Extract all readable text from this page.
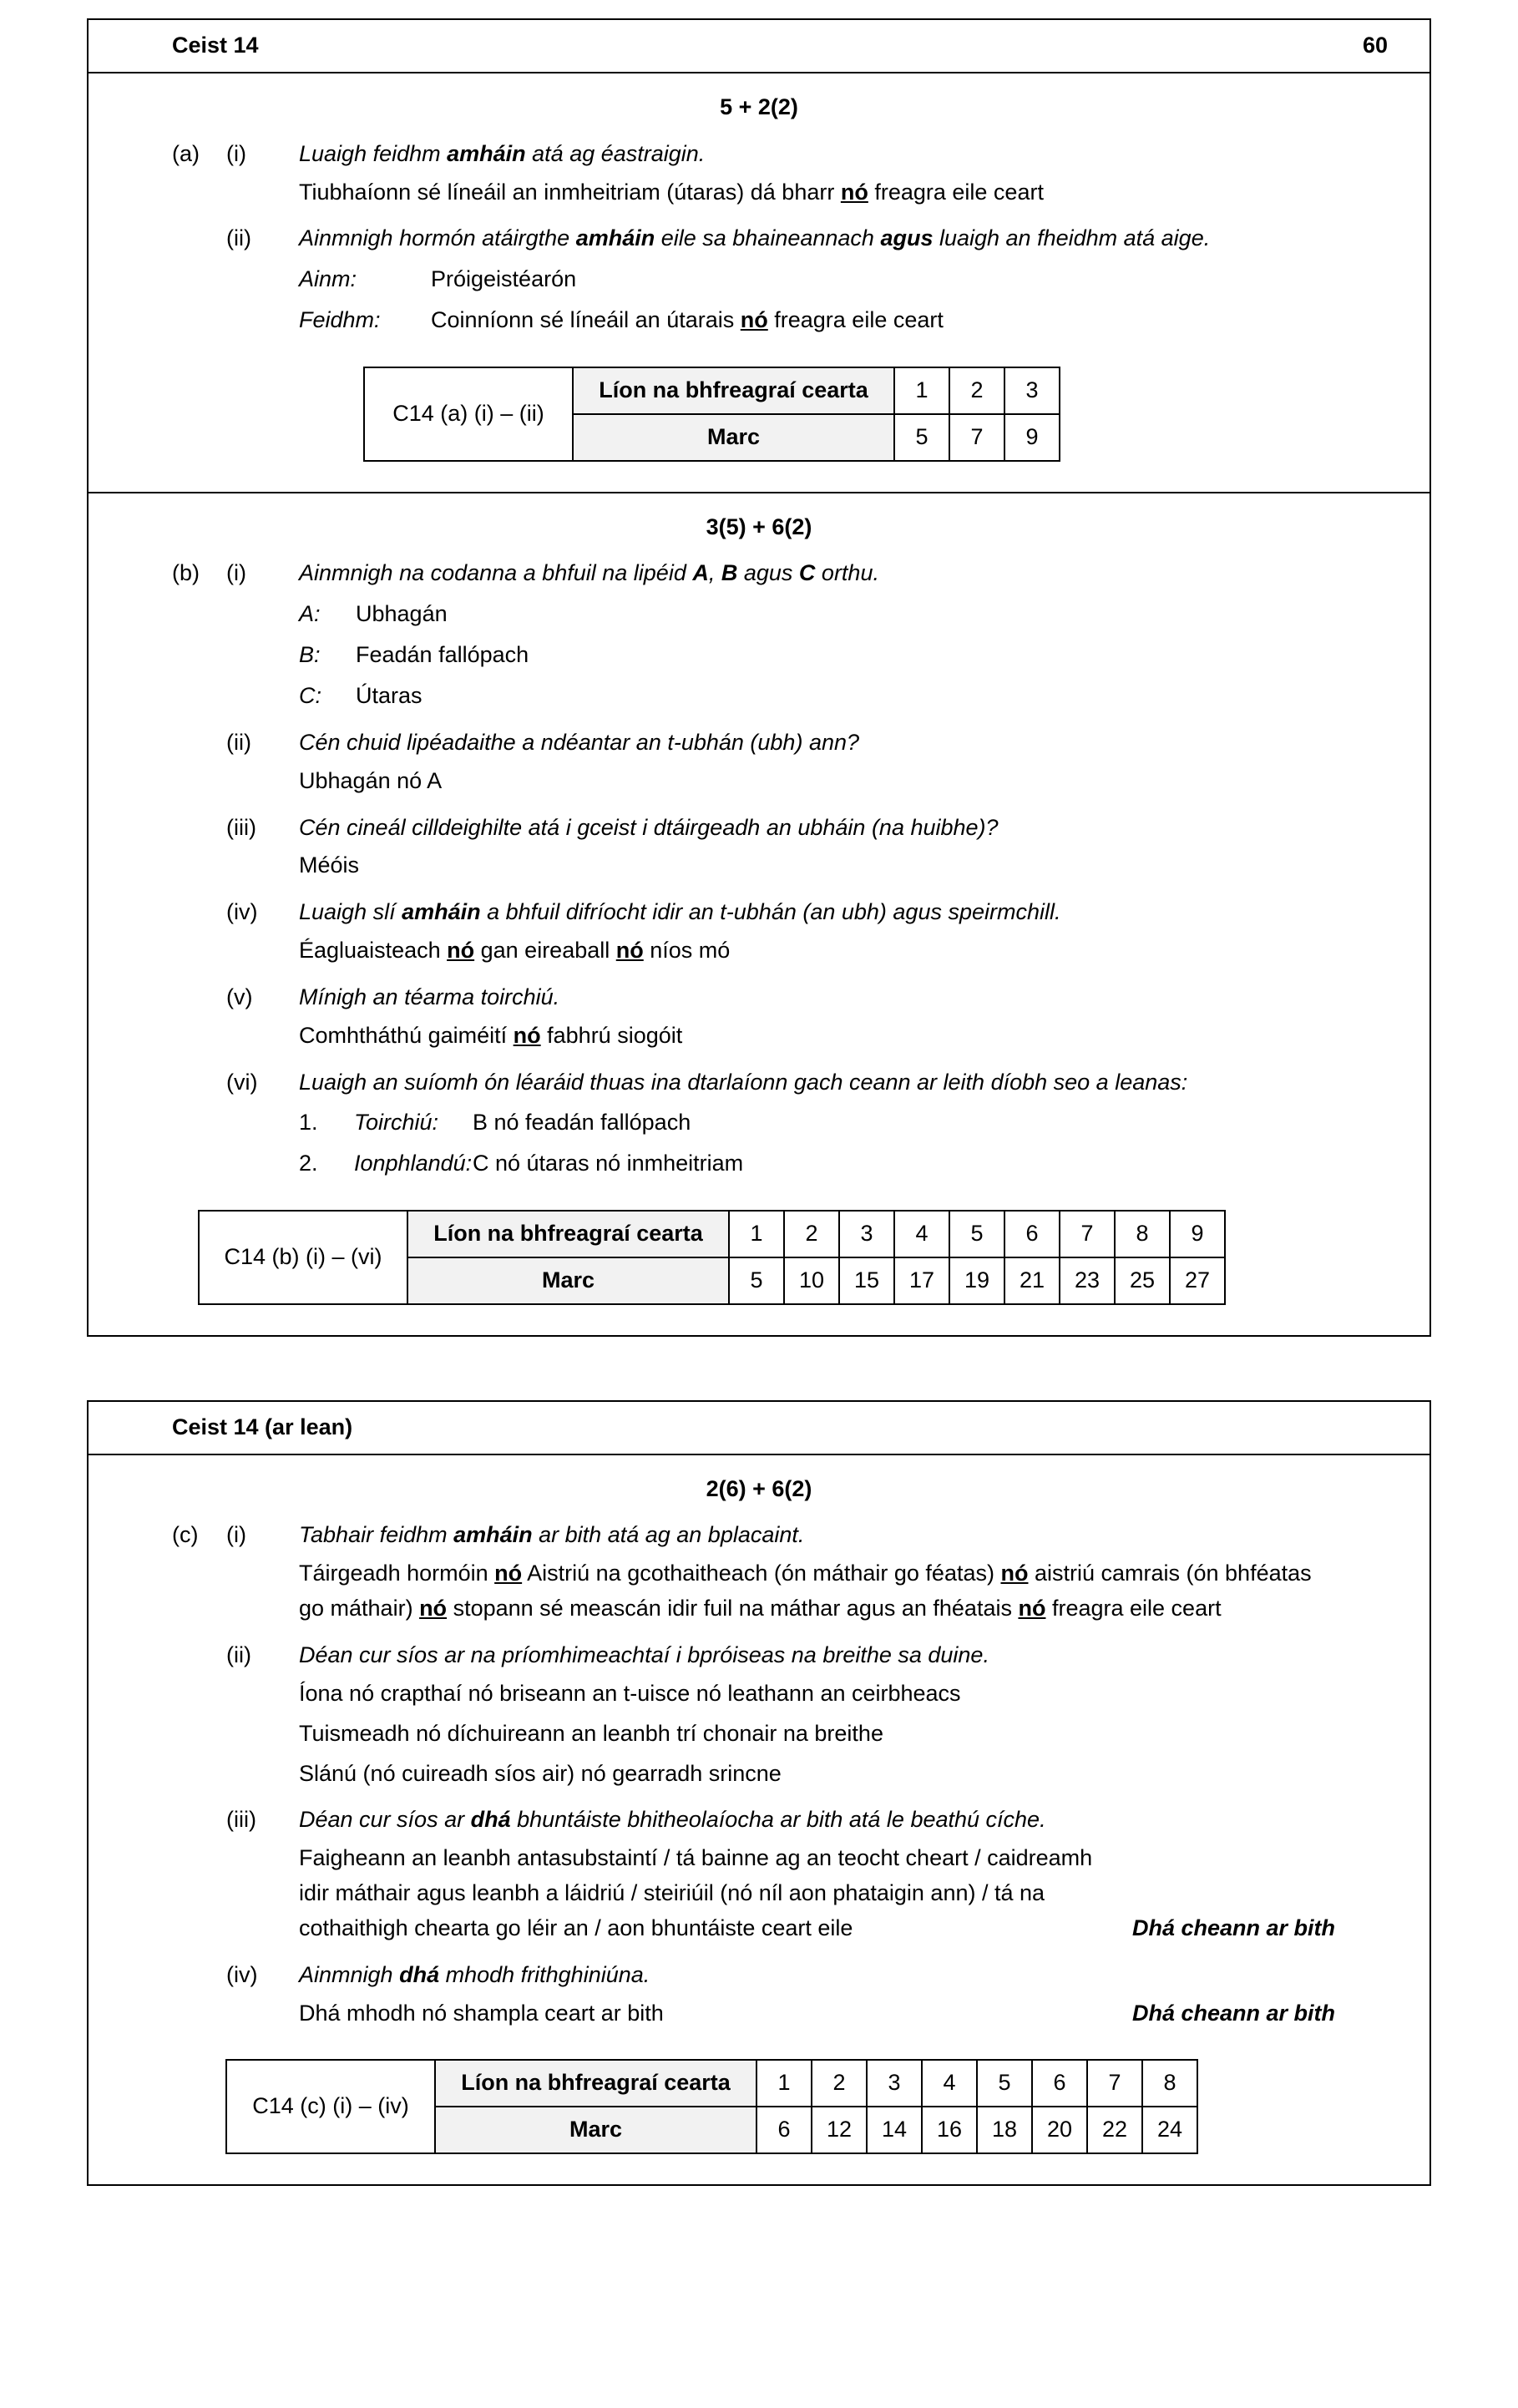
Ceist 14	60
5 + 2(2)
(a)	(i)	Luaigh feidhm amháin atá ag éastraigin.

Tiubhaíonn sé líneáil an inmheitriam (útaras) dá bharr nó freagra eile ceart

(ii)	Ainmnigh hormón atáirgthe amháin eile sa bhaineannach agus luaigh an fheidhm atá aige.
Ainm:	Próigeistéarón
Feidhm:	Coinníonn sé líneáil an útarais nó freagra eile ceart
C14 (a) (i) – (ii)	Líon na bhfreagraí cearta	1	2	3
	Marc	5	7	9
3(5) + 6(2)
(b)	(i)	Ainmnigh na codanna a bhfuil na lipéid A, B agus C orthu.
A:	Ubhagán
B:	Feadán fallópach
C:	Útaras
(ii)	Cén chuid lipéadaithe a ndéantar an t-ubhán (ubh) ann?

Ubhagán nó A

(iii)	Cén cineál cilldeighilte atá i gceist i dtáirgeadh an ubháin (na huibhe)?

Méóis

(iv)	Luaigh slí amháin a bhfuil difríocht idir an t-ubhán (an ubh) agus speirmchill.

Éagluaisteach nó gan eireaball nó níos mó

(v)	Mínigh an téarma toirchiú.

Comhtháthú gaiméití nó fabhrú siogóit

(vi)	Luaigh an suíomh ón léaráid thuas ina dtarlaíonn gach ceann ar leith díobh seo a leanas:
1.	Toirchiú:	B nó feadán fallópach
2.	Ionphlandú: C nó útaras nó inmheitriam
C14 (b) (i) – (vi)	Líon na bhfreagraí cearta	1	2	3	4	5	6	7	8	9
	Marc	5	10	15	17	19	21	23	25	27
Ceist 14 (ar lean)
2(6) + 6(2)
(c)	(i)	Tabhair feidhm amháin ar bith atá ag an bplacaint.

Táirgeadh hormóin nó Aistriú na gcothaitheach (ón máthair go féatas) nó aistriú camrais (ón bhféatas go máthair) nó stopann sé meascán idir fuil na máthar agus an fhéatais nó freagra eile ceart

(ii)	Déan cur síos ar na príomhimeachtaí i bpróiseas na breithe sa duine.

Íona nó crapthaí nó briseann an t-uisce nó leathann an ceirbheacs

Tuismeadh nó díchuireann an leanbh trí chonair na breithe

Slánú (nó cuireadh síos air) nó gearradh srincne

(iii)	Déan cur síos ar dhá bhuntáiste bhitheolaíocha ar bith atá le beathú cíche.
Faigheann an leanbh antasubstaintí / tá bainne ag an teocht cheart / caidreamh idir máthair agus leanbh a láidriú / steiriúil (nó níl aon phataigin ann) / tá na cothaithigh chearta go léir an / aon bhuntáiste ceart eile	Dhá cheann ar bith
(iv)	Ainmnigh dhá mhodh frithghiniúna.
Dhá mhodh nó shampla ceart ar bith	Dhá cheann ar bith
C14 (c) (i) – (iv)	Líon na bhfreagraí cearta	1	2	3	4	5	6	7	8
	Marc	6	12	14	16	18	20	22	24
